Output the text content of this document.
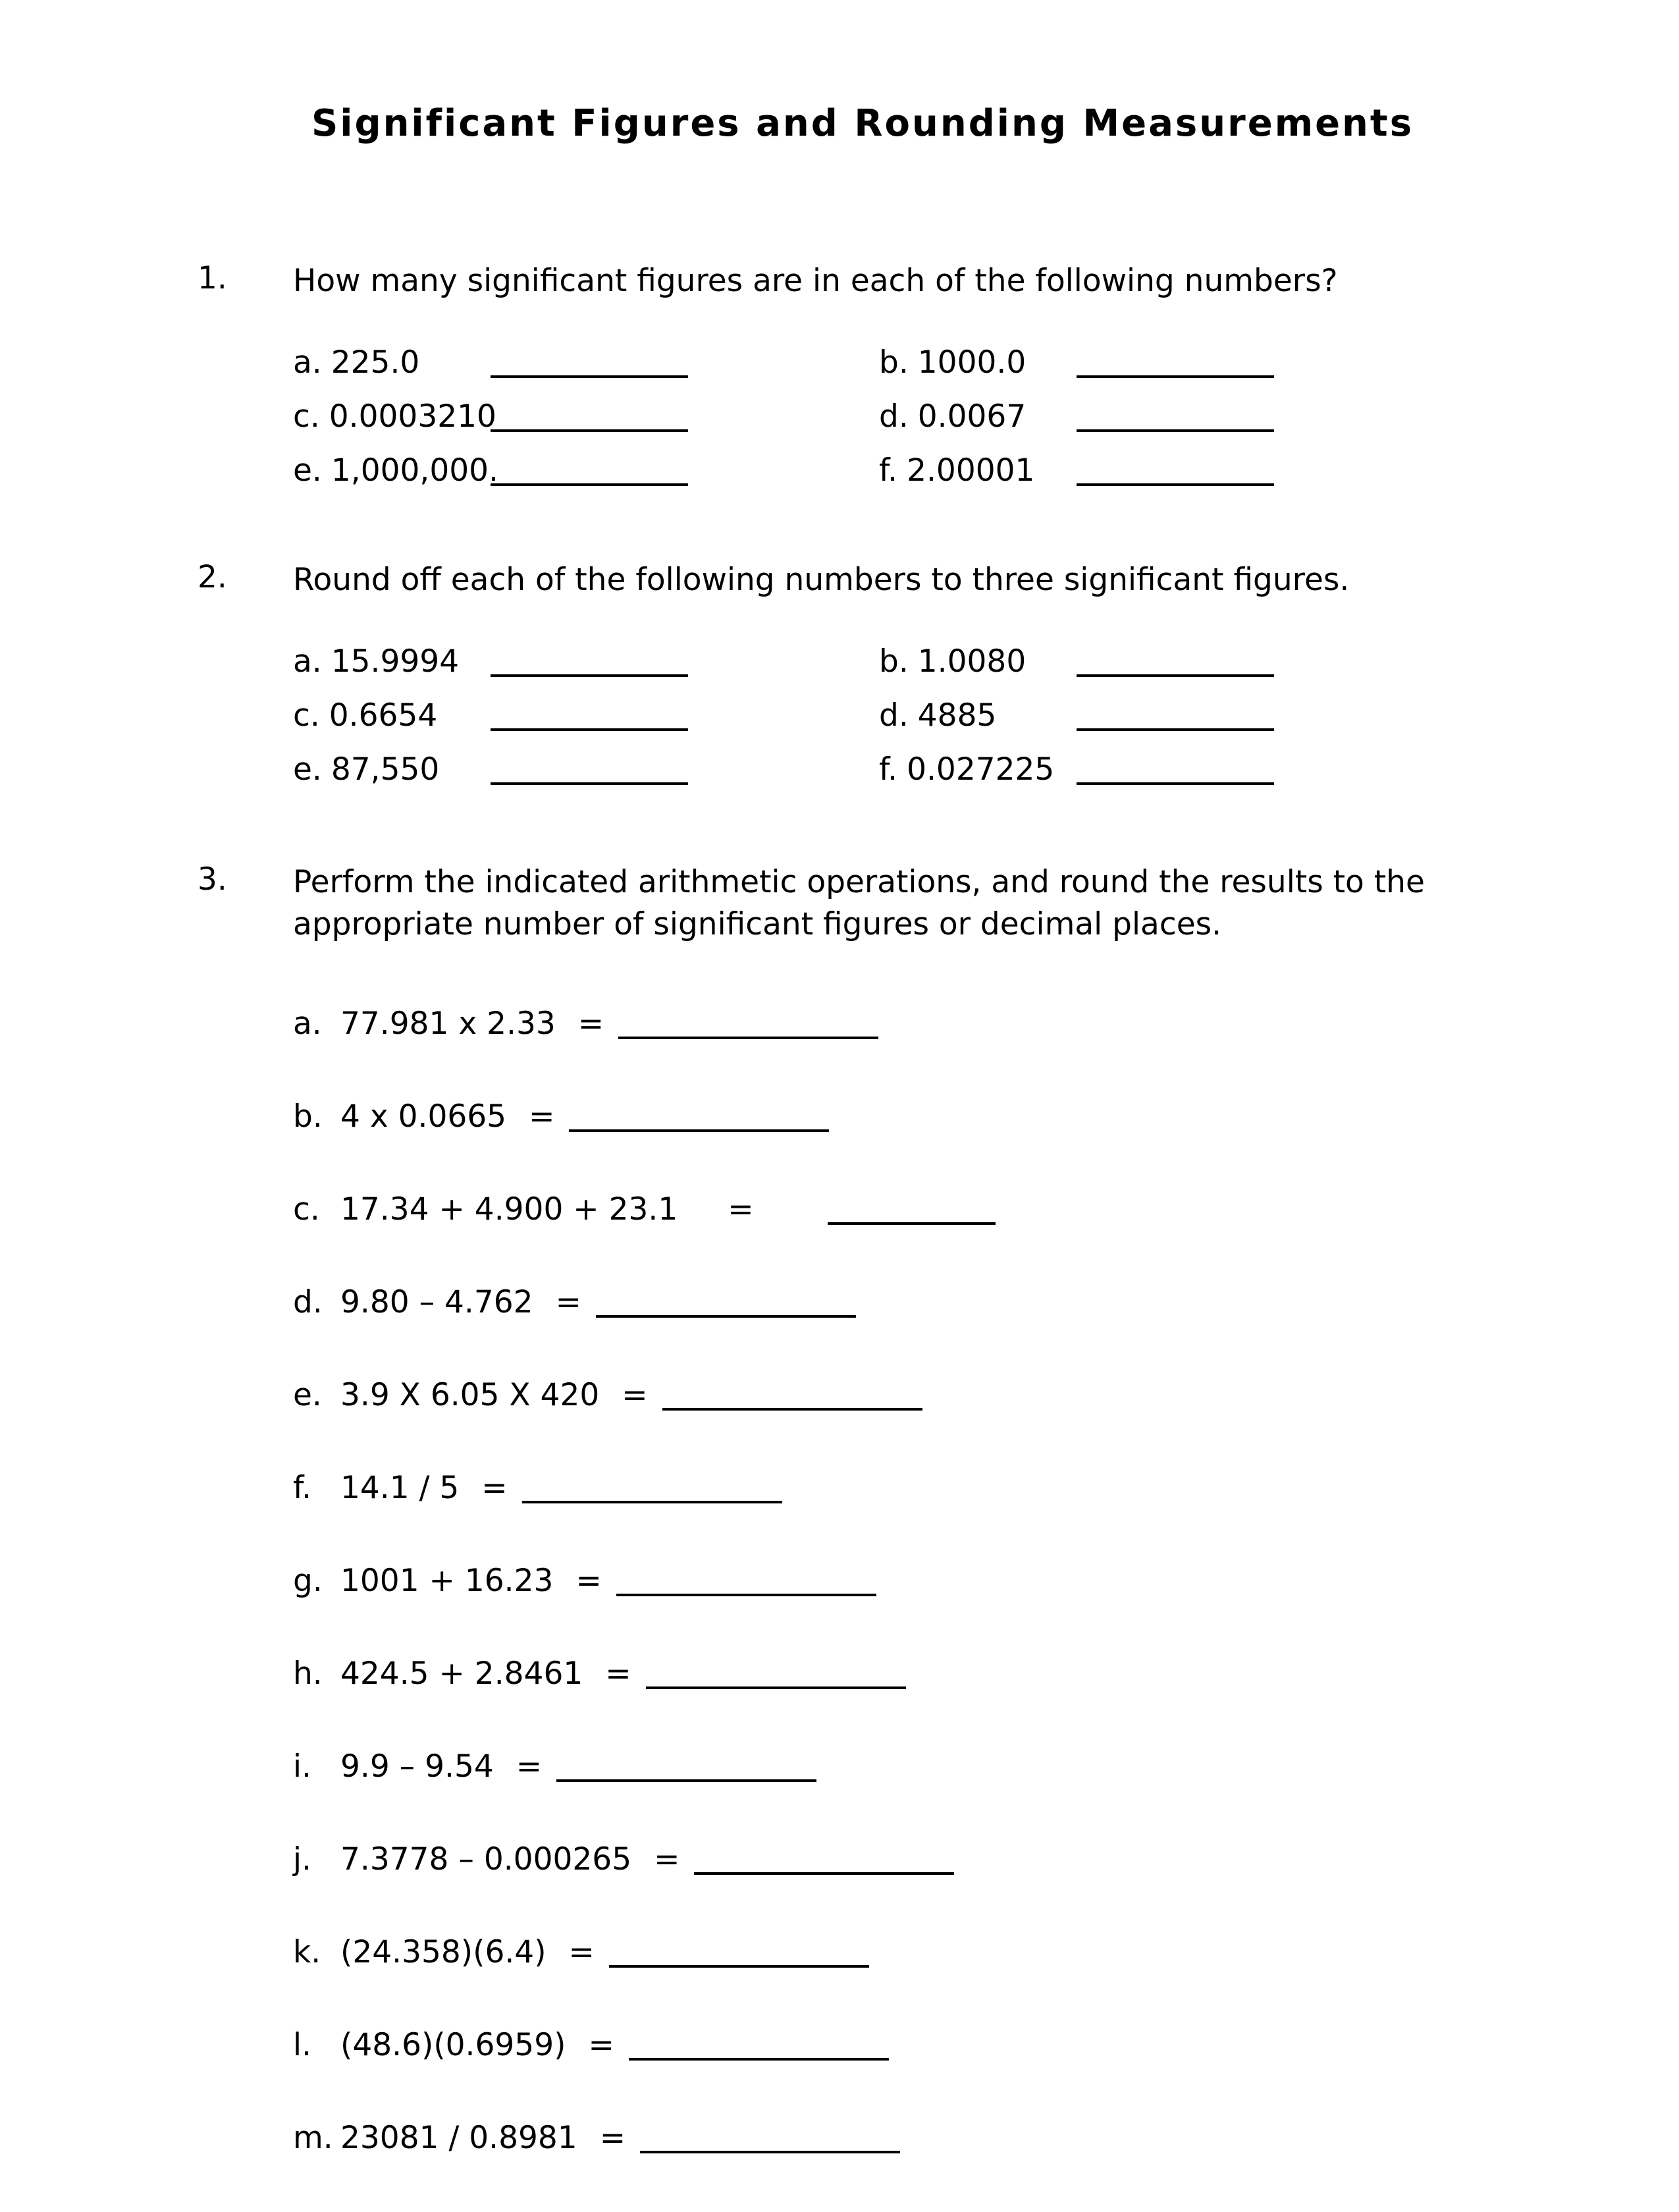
Significant Figures and Rounding Measurements
1.	How many significant figures are in each of the following numbers?
a. 225.0	b. 1000.0
c. 0.0003210	d. 0.0067
e. 1,000,000.	f. 2.00001
2.	Round off each of the following numbers to three significant figures.
a. 15.9994	b. 1.0080
c. 0.6654	d. 4885
e. 87,550	f. 0.027225
3.	Perform the indicated arithmetic operations, and round the results to the appropriate number of significant figures or decimal places.
a. 77.981 x 2.33 =
b. 4 x 0.0665 =
c. 17.34 + 4.900 + 23.1 =
d. 9.80 – 4.762 =
e. 3.9 X 6.05 X 420 =
f. 14.1 / 5 =
g. 1001 + 16.23 =
h. 424.5 + 2.8461 =
i. 9.9 – 9.54 =
j. 7.3778 – 0.000265 =
k. (24.358)(6.4) =
l. (48.6)(0.6959) =
m. 23081 / 0.8981 =
